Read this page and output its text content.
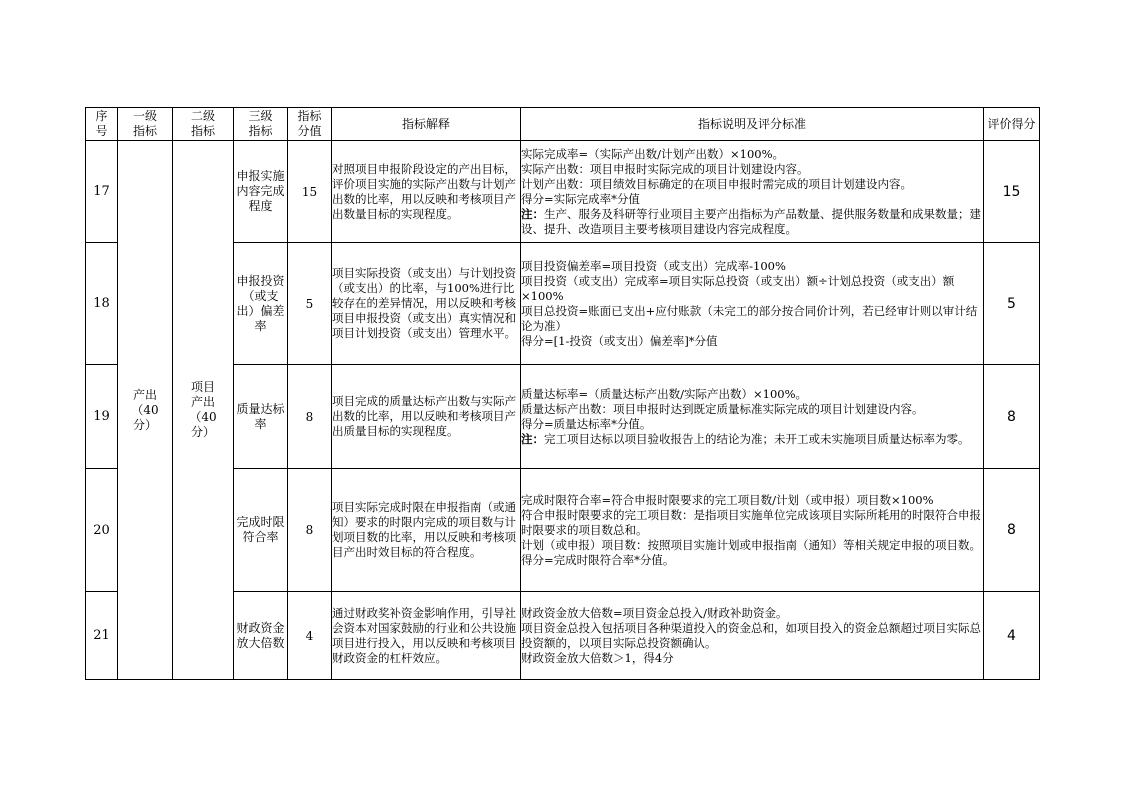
序号	一级指标	二级指标	三级指标	指标分值	指标解释	指标说明及评分标准	评价得分
17	产出（40分）	项目产出（40分）	申报实施内容完成程度	15	对照项目申报阶段设定的产出目标，评价项目实施的实际产出数与计划产出数的比率，用以反映和考核项目产出数量目标的实现程度。	实际完成率=（实际产出数/计划产出数）×100%。
实际产出数：项目申报时实际完成的项目计划建设内容。
计划产出数：项目绩效目标确定的在项目申报时需完成的项目计划建设内容。
得分=实际完成率*分值
注：生产、服务及科研等行业项目主要产出指标为产品数量、提供服务数量和成果数量；建设、提升、改造项目主要考核项目建设内容完成程度。	15
18			申报投资（或支出）偏差率	5	项目实际投资（或支出）与计划投资（或支出）的比率，与100%进行比较存在的差异情况，用以反映和考核项目申报投资（或支出）真实情况和项目计划投资（或支出）管理水平。	项目投资偏差率=项目投资（或支出）完成率-100%
项目投资（或支出）完成率=项目实际总投资（或支出）额÷计划总投资（或支出）额×100%
项目总投资=账面已支出+应付账款（未完工的部分按合同价计列，若已经审计则以审计结论为准）
得分=[1-投资（或支出）偏差率]*分值	5
19			质量达标率	8	项目完成的质量达标产出数与实际产出数的比率，用以反映和考核项目产出质量目标的实现程度。	质量达标率=（质量达标产出数/实际产出数）×100%。
质量达标产出数：项目申报时达到既定质量标准实际完成的项目计划建设内容。
得分=质量达标率*分值。
注：完工项目达标以项目验收报告上的结论为准；未开工或未实施项目质量达标率为零。	8
20			完成时限符合率	8	项目实际完成时限在申报指南（或通知）要求的时限内完成的项目数与计划项目数的比率，用以反映和考核项目产出时效目标的符合程度。	完成时限符合率=符合申报时限要求的完工项目数/计划（或申报）项目数×100%
符合申报时限要求的完工项目数：是指项目实施单位完成该项目实际所耗用的时限符合申报时限要求的项目数总和。
计划（或申报）项目数：按照项目实施计划或申报指南（通知）等相关规定申报的项目数。
得分=完成时限符合率*分值。	8
21			财政资金放大倍数	4	通过财政奖补资金影响作用，引导社会资本对国家鼓励的行业和公共设施项目进行投入，用以反映和考核项目财政资金的杠杆效应。	财政资金放大倍数=项目资金总投入/财政补助资金。
项目资金总投入包括项目各种渠道投入的资金总和，如项目投入的资金总额超过项目实际总投资额的，以项目实际总投资额确认。
财政资金放大倍数＞1，得4分	4
